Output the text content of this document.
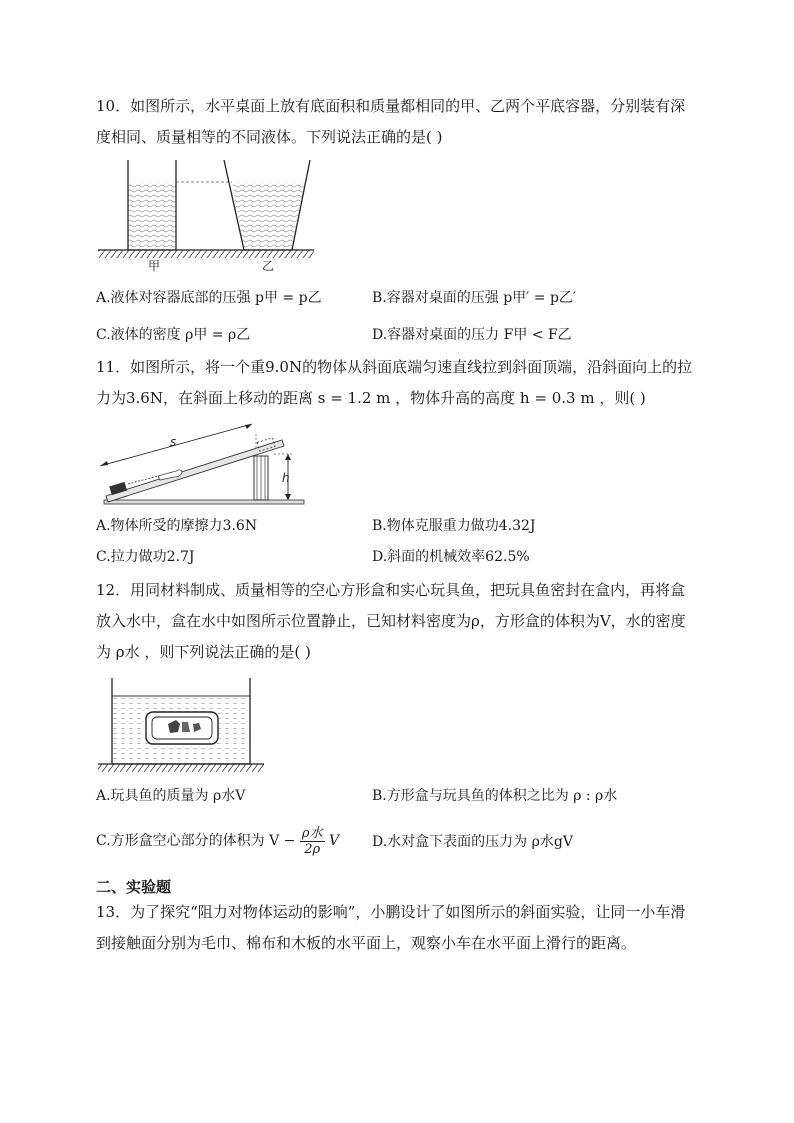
10．如图所示，水平桌面上放有底面积和质量都相同的甲、乙两个平底容器，分别装有深度相同、质量相等的不同液体。下列说法正确的是( )
甲	乙
A.液体对容器底部的压强 p甲 = p乙	B.容器对桌面的压强 p甲′ = p乙′
C.液体的密度 ρ甲 = ρ乙	D.容器对桌面的压力 F甲 < F乙
11．如图所示，将一个重9.0N的物体从斜面底端匀速直线拉到斜面顶端，沿斜面向上的拉力为3.6N，在斜面上移动的距离 s = 1.2 m ，物体升高的高度 h = 0.3 m ，则( )
s
h
A.物体所受的摩擦力3.6N	B.物体克服重力做功4.32J
C.拉力做功2.7J	D.斜面的机械效率62.5%
12．用同材料制成、质量相等的空心方形盒和实心玩具鱼，把玩具鱼密封在盒内，再将盒放入水中，盒在水中如图所示位置静止，已知材料密度为ρ，方形盒的体积为V，水的密度为 ρ水 ，则下列说法正确的是( )
A.玩具鱼的质量为 ρ水V	B.方形盒与玩具鱼的体积之比为 ρ : ρ水
C.方形盒空心部分的体积为 $V - \frac{\text{ρ水}}{2\rho}$ V D.水对盒下表面的压力为 ρ水gV
二、实验题
13．为了探究“阻力对物体运动的影响”，小鹏设计了如图所示的斜面实验，让同一小车滑到接触面分别为毛巾、棉布和木板的水平面上，观察小车在水平面上滑行的距离。
